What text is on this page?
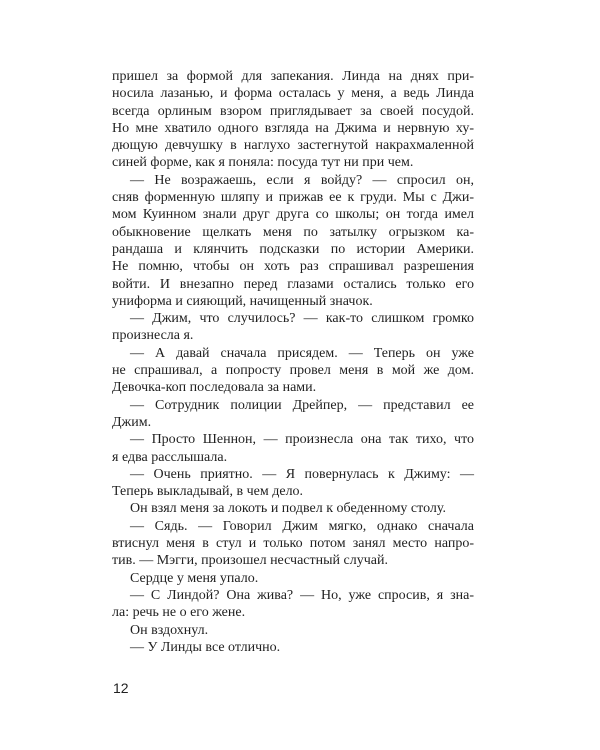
пришел за формой для запекания. Линда на днях при-
носила лазанью, и форма осталась у меня, а ведь Линда
всегда орлиным взором приглядывает за своей посудой.
Но мне хватило одного взгляда на Джима и нервную ху-
дющую девчушку в наглухо застегнутой накрахмаленной
синей форме, как я поняла: посуда тут ни при чем.
— Не возражаешь, если я войду? — спросил он,
сняв форменную шляпу и прижав ее к груди. Мы с Джи-
мом Куинном знали друг друга со школы; он тогда имел
обыкновение щелкать меня по затылку огрызком ка-
рандаша и клянчить подсказки по истории Америки.
Не помню, чтобы он хоть раз спрашивал разрешения
войти. И внезапно перед глазами остались только его
униформа и сияющий, начищенный значок.
— Джим, что случилось? — как-то слишком громко
произнесла я.
— А давай сначала присядем. — Теперь он уже
не спрашивал, а попросту провел меня в мой же дом.
Девочка-коп последовала за нами.
— Сотрудник полиции Дрейпер, — представил ее
Джим.
— Просто Шеннон, — произнесла она так тихо, что
я едва расслышала.
— Очень приятно. — Я повернулась к Джиму: —
Теперь выкладывай, в чем дело.
Он взял меня за локоть и подвел к обеденному столу.
— Сядь. — Говорил Джим мягко, однако сначала
втиснул меня в стул и только потом занял место напро-
тив. — Мэгги, произошел несчастный случай.
Сердце у меня упало.
— С Линдой? Она жива? — Но, уже спросив, я зна-
ла: речь не о его жене.
Он вздохнул.
— У Линды все отлично.
12
